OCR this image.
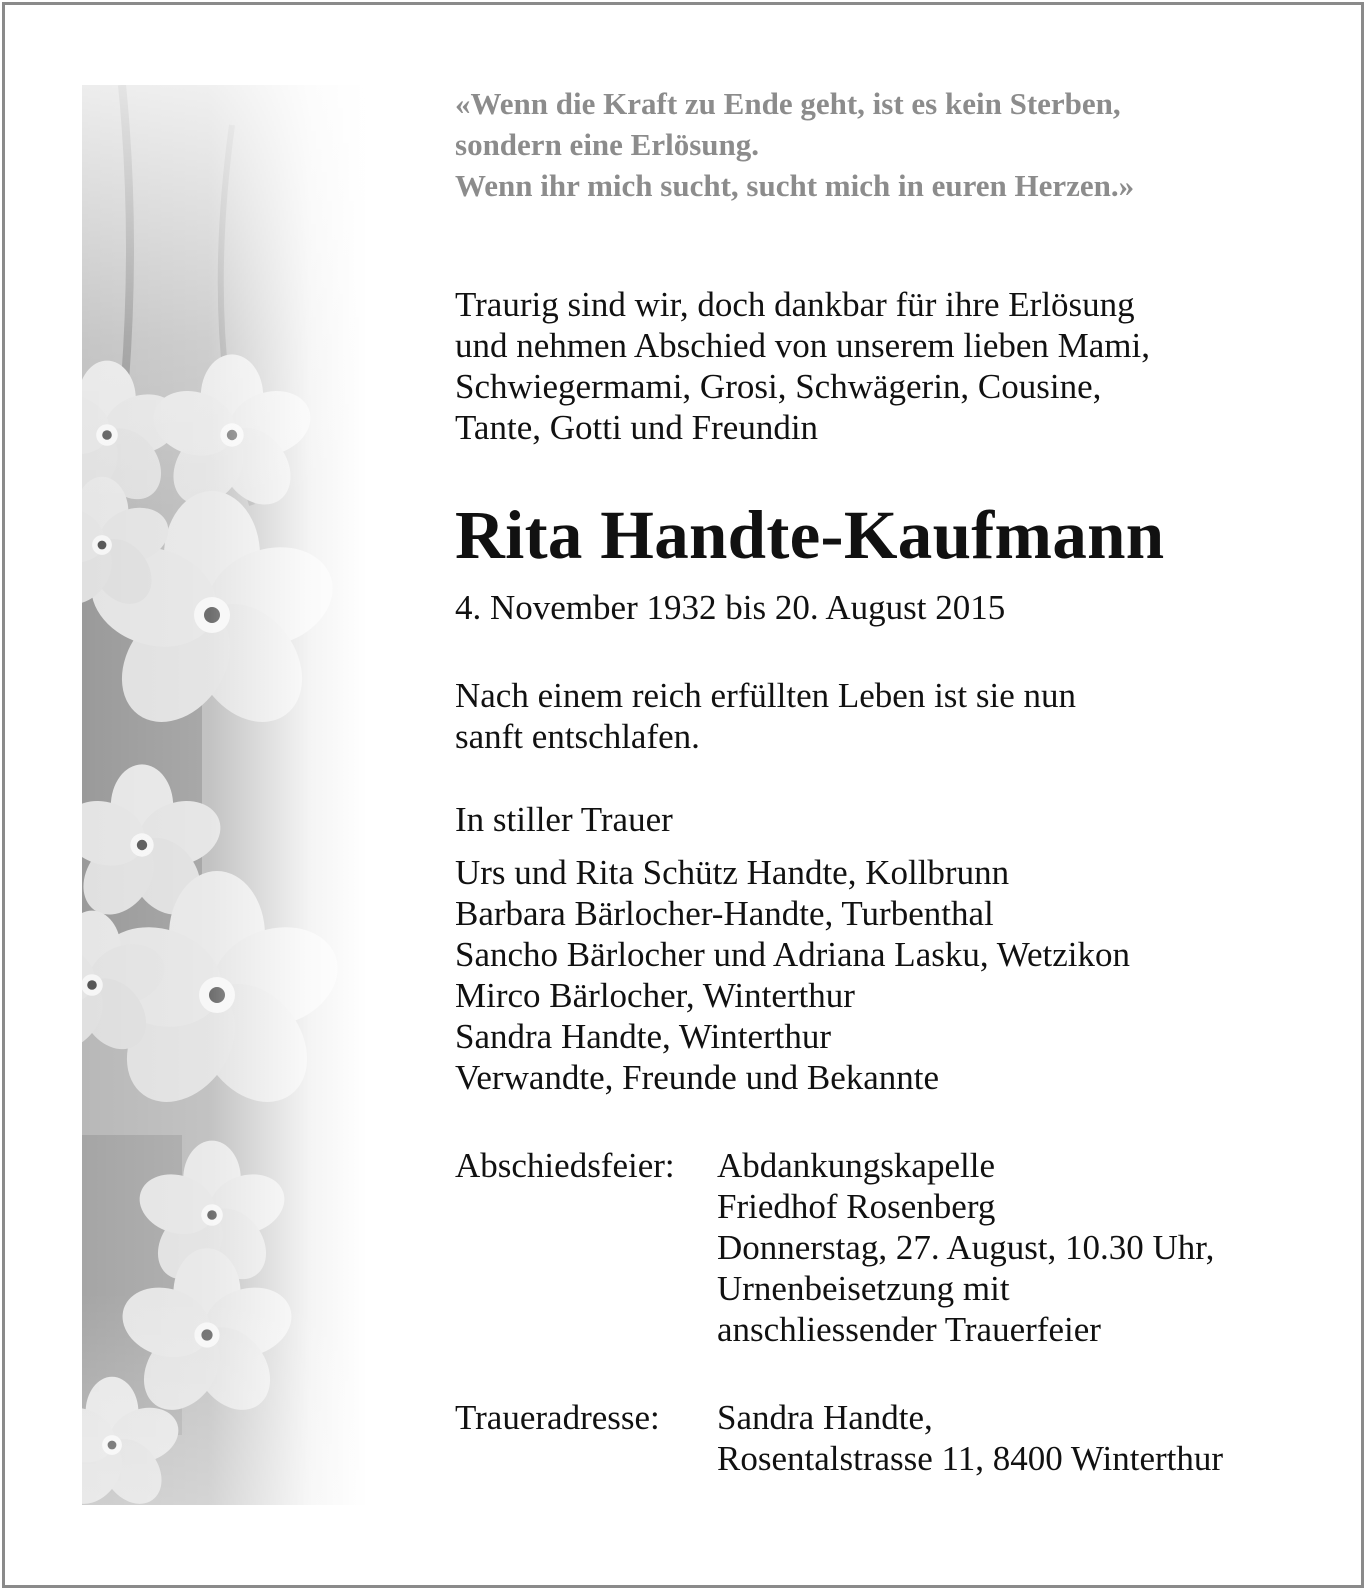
«Wenn die Kraft zu Ende geht, ist es kein Sterben,
sondern eine Erlösung.
Wenn ihr mich sucht, sucht mich in euren Herzen.»
Traurig sind wir, doch dankbar für ihre Erlösung
und nehmen Abschied von unserem lieben Mami,
Schwiegermami, Grosi, Schwägerin, Cousine,
Tante, Gotti und Freundin
Rita Handte-Kaufmann
4. November 1932 bis 20. August 2015
Nach einem reich erfüllten Leben ist sie nun
sanft entschlafen.
In stiller Trauer
Urs und Rita Schütz Handte, Kollbrunn
Barbara Bärlocher-Handte, Turbenthal
Sancho Bärlocher und Adriana Lasku, Wetzikon
Mirco Bärlocher, Winterthur
Sandra Handte, Winterthur
Verwandte, Freunde und Bekannte
Abschiedsfeier:	Abdankungskapelle
Friedhof Rosenberg
Donnerstag, 27. August, 10.30 Uhr,
Urnenbeisetzung mit
anschliessender Trauerfeier
Traueradresse:	Sandra Handte,
Rosentalstrasse 11, 8400 Winterthur
